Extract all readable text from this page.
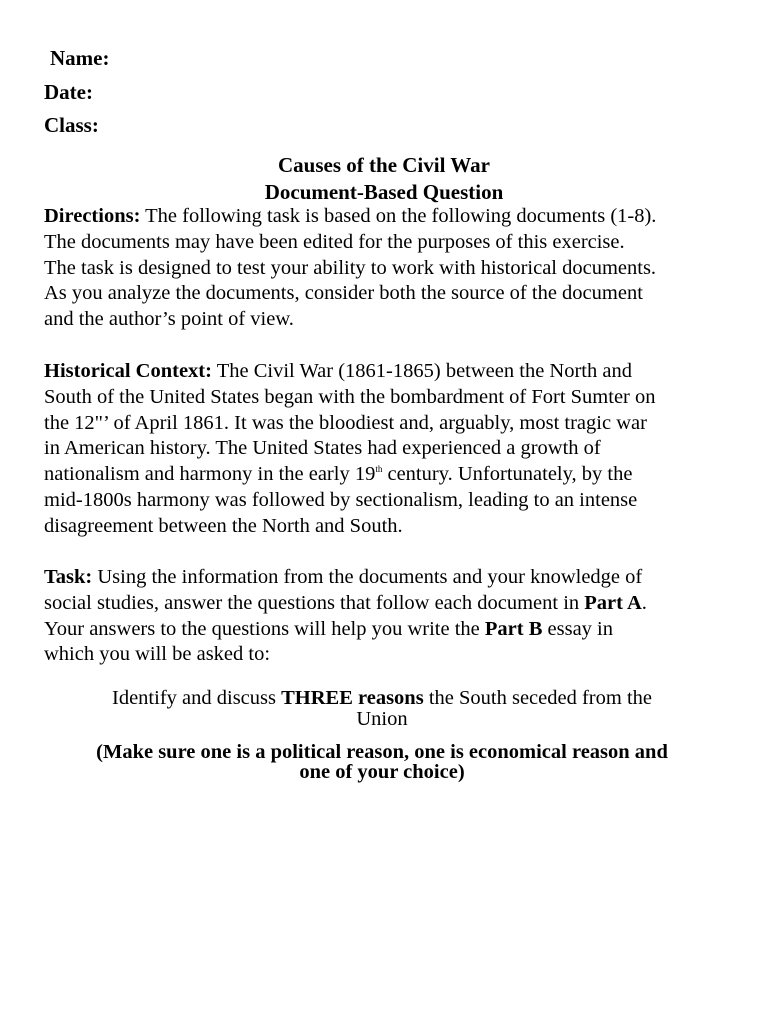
Name:
Date:
Class:
Causes of the Civil War
Document-Based Question
Directions: The following task is based on the following documents (1-8).
The documents may have been edited for the purposes of this exercise.
The task is designed to test your ability to work with historical documents.
As you analyze the documents, consider both the source of the document
and the author’s point of view.
Historical Context: The Civil War (1861-1865) between the North and
South of the United States began with the bombardment of Fort Sumter on
the 12"’ of April 1861. It was the bloodiest and, arguably, most tragic war
in American history. The United States had experienced a growth of
nationalism and harmony in the early 19th century. Unfortunately, by the
mid-1800s harmony was followed by sectionalism, leading to an intense
disagreement between the North and South.
Task: Using the information from the documents and your knowledge of
social studies, answer the questions that follow each document in Part A.
Your answers to the questions will help you write the Part B essay in
which you will be asked to:
Identify and discuss THREE reasons the South seceded from the
Union
(Make sure one is a political reason, one is economical reason and
one of your choice)
